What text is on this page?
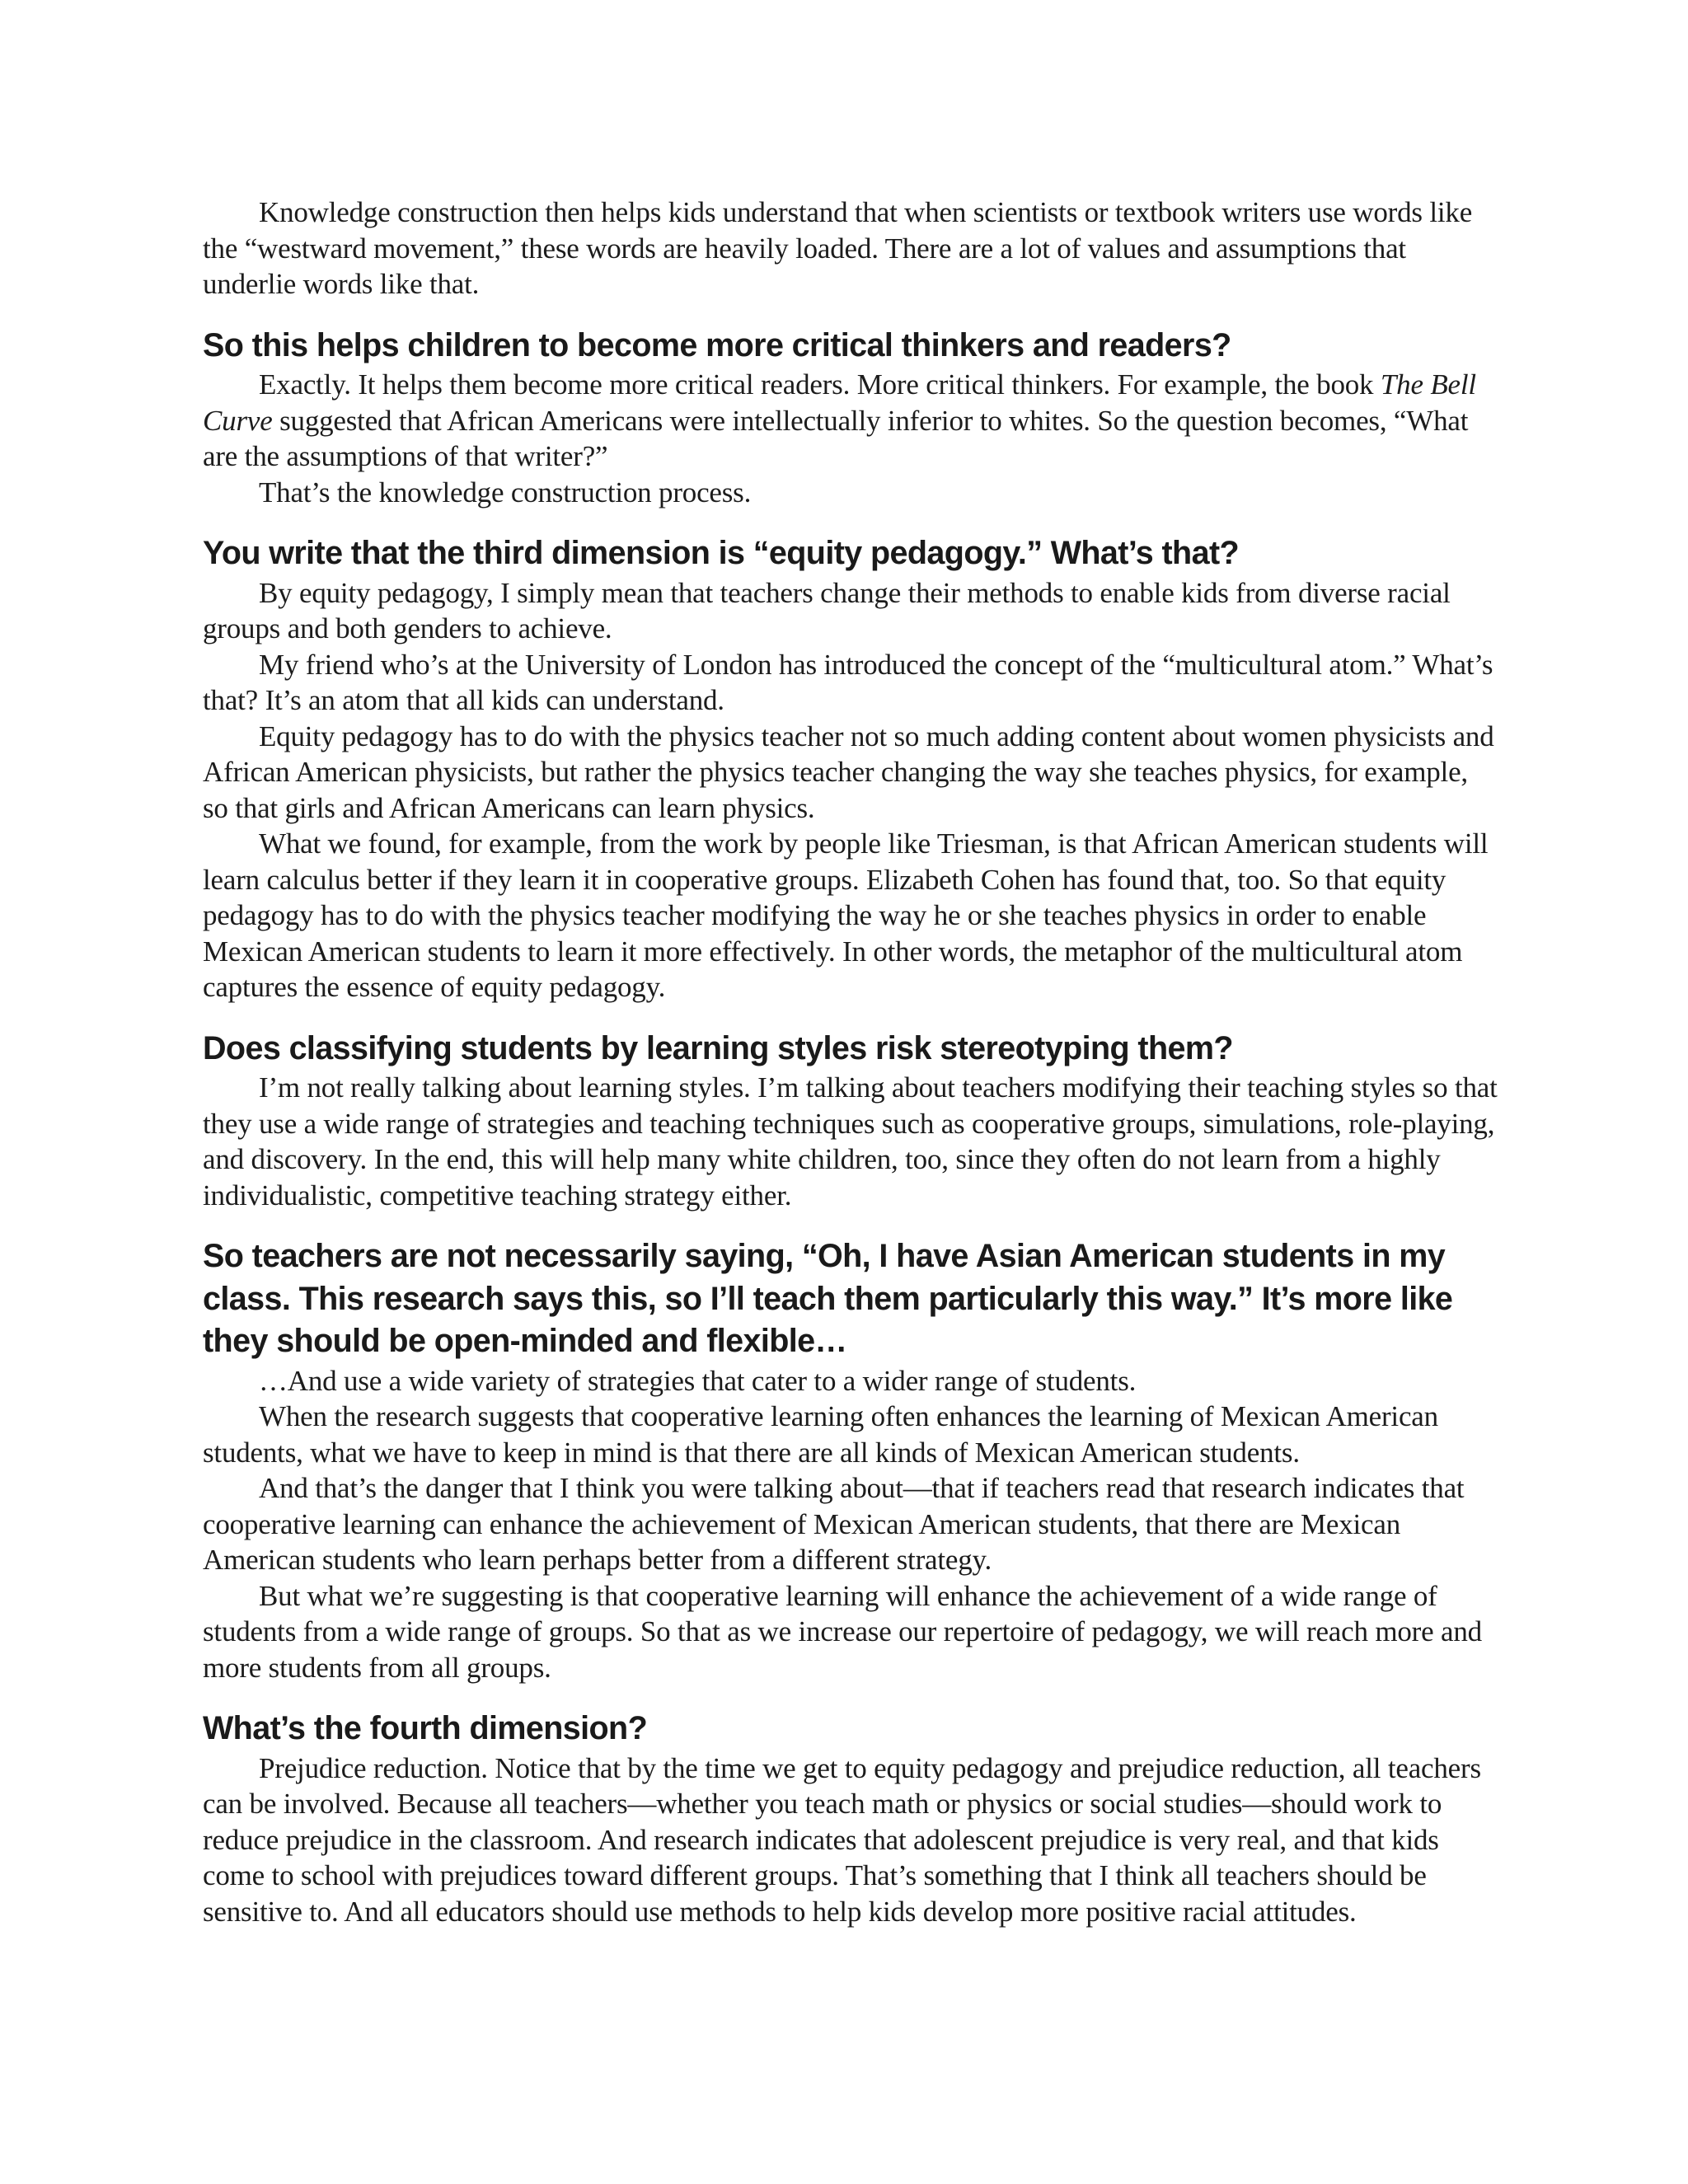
Knowledge construction then helps kids understand that when scientists or textbook writers use words like the “westward movement,” these words are heavily loaded. There are a lot of values and assumptions that underlie words like that.

So this helps children to become more critical thinkers and readers?

Exactly. It helps them become more critical readers. More critical thinkers. For example, the book The Bell Curve suggested that African Americans were intellectually inferior to whites. So the question becomes, “What are the assumptions of that writer?”

That’s the knowledge construction process.

You write that the third dimension is “equity pedagogy.” What’s that?

By equity pedagogy, I simply mean that teachers change their methods to enable kids from diverse racial groups and both genders to achieve.

My friend who’s at the University of London has introduced the concept of the “multicultural atom.” What’s that? It’s an atom that all kids can understand.

Equity pedagogy has to do with the physics teacher not so much adding content about women physicists and African American physicists, but rather the physics teacher changing the way she teaches physics, for example, so that girls and African Americans can learn physics.

What we found, for example, from the work by people like Triesman, is that African American students will learn calculus better if they learn it in cooperative groups. Elizabeth Cohen has found that, too. So that equity pedagogy has to do with the physics teacher modifying the way he or she teaches physics in order to enable Mexican American students to learn it more effectively. In other words, the metaphor of the multicultural atom captures the essence of equity pedagogy.

Does classifying students by learning styles risk stereotyping them?

I’m not really talking about learning styles. I’m talking about teachers modifying their teaching styles so that they use a wide range of strategies and teaching techniques such as cooperative groups, simulations, role-playing, and discovery. In the end, this will help many white children, too, since they often do not learn from a highly individualistic, competitive teaching strategy either.

So teachers are not necessarily saying, “Oh, I have Asian American students in my class. This research says this, so I’ll teach them particularly this way.” It’s more like they should be open-minded and flexible…

…And use a wide variety of strategies that cater to a wider range of students.

When the research suggests that cooperative learning often enhances the learning of Mexican American students, what we have to keep in mind is that there are all kinds of Mexican American students.

And that’s the danger that I think you were talking about—that if teachers read that research indicates that cooperative learning can enhance the achievement of Mexican American students, that there are Mexican American students who learn perhaps better from a different strategy.

But what we’re suggesting is that cooperative learning will enhance the achievement of a wide range of students from a wide range of groups. So that as we increase our repertoire of pedagogy, we will reach more and more students from all groups.

What’s the fourth dimension?

Prejudice reduction. Notice that by the time we get to equity pedagogy and prejudice reduction, all teachers can be involved. Because all teachers—whether you teach math or physics or social studies—should work to reduce prejudice in the classroom. And research indicates that adolescent prejudice is very real, and that kids come to school with prejudices toward different groups. That’s something that I think all teachers should be sensitive to. And all educators should use methods to help kids develop more positive racial attitudes.
